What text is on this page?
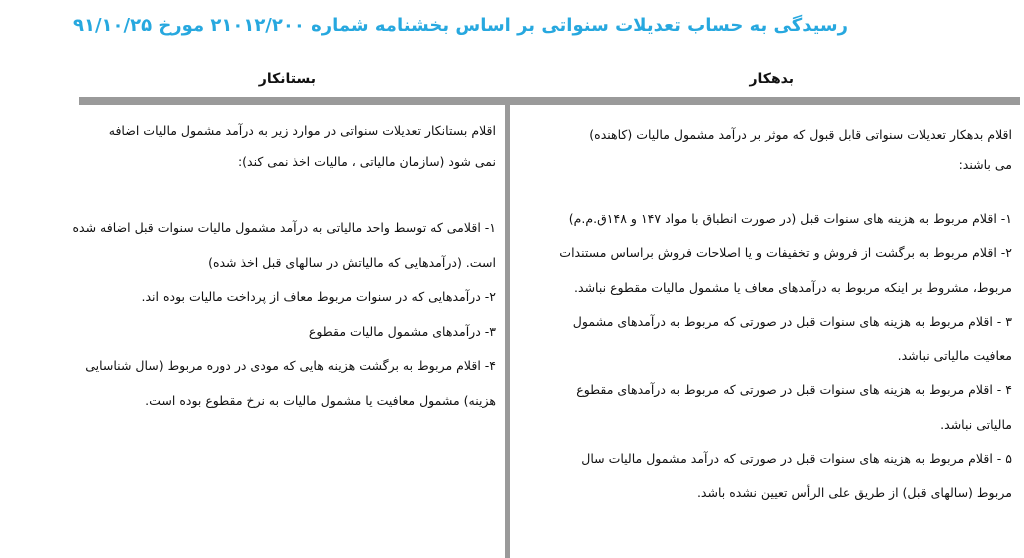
رسیدگی به حساب تعدیلات سنواتی بر اساس بخشنامه شماره ۲۱۰۱۲/۲۰۰ مورخ ۹۱/۱۰/۲۵
بدهکار
بستانکار

اقلام بدهکار تعدیلات سنواتی قابل قبول که موثر بر درآمد مشمول مالیات (کاهنده)

می باشند:

۱- اقلام مربوط به هزینه های سنوات قبل (در صورت انطباق با مواد ۱۴۷ و ۱۴۸ق.م.م)

۲- اقلام مربوط به برگشت از فروش و تخفیفات و یا اصلاحات فروش براساس مستندات

مربوط، مشروط بر اینکه مربوط به درآمدهای معاف یا مشمول مالیات مقطوع نباشد.

۳ - اقلام مربوط به هزینه های سنوات قبل در صورتی که مربوط به درآمدهای مشمول

معافیت مالیاتی نباشد.

۴ - اقلام مربوط به هزینه های سنوات قبل در صورتی که مربوط به درآمدهای مقطوع

مالیاتی نباشد.

۵ - اقلام مربوط به هزینه های سنوات قبل در صورتی که درآمد مشمول مالیات سال

مربوط (سالهای قبل) از طریق علی الرأس تعیین نشده باشد.

اقلام بستانکار تعدیلات سنواتی در موارد زیر به درآمد مشمول مالیات اضافه

نمی شود (سازمان مالیاتی ، مالیات اخذ نمی کند):

۱- اقلامی که توسط واحد مالیاتی به درآمد مشمول مالیات سنوات قبل اضافه شده

است. (درآمدهایی که مالیاتش در سالهای قبل اخذ شده)

۲- درآمدهایی که در سنوات مربوط معاف از پرداخت مالیات بوده اند.

۳- درآمدهای مشمول مالیات مقطوع

۴- اقلام مربوط به برگشت هزینه هایی که مودی در دوره مربوط (سال شناسایی

هزینه) مشمول معافیت یا مشمول مالیات به نرخ مقطوع بوده است.
